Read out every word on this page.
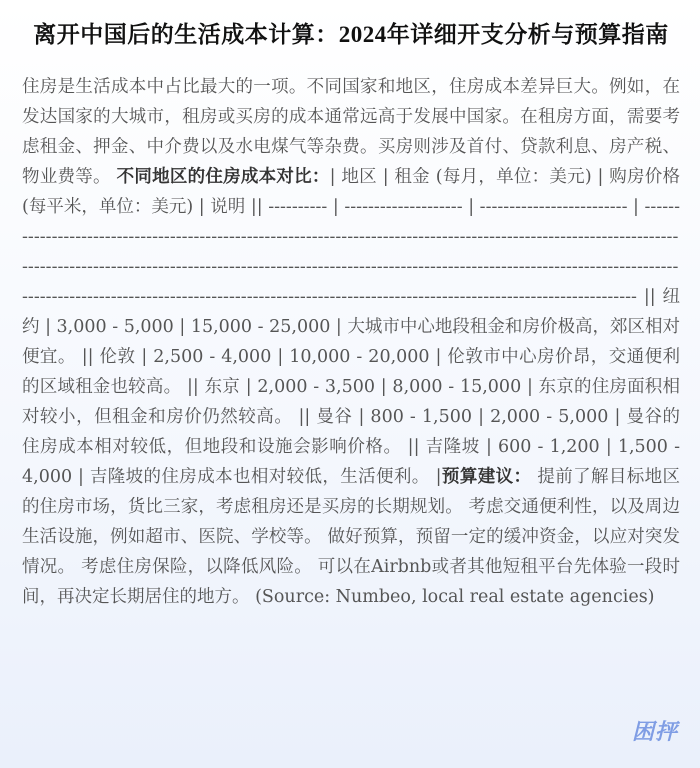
离开中国后的生活成本计算：2024年详细开支分析与预算指南
住房是生活成本中占比最大的一项。不同国家和地区，住房成本差异巨大。例如，在发达国家的大城市，租房或买房的成本通常远高于发展中国家。在租房方面，需要考虑租金、押金、中介费以及水电煤气等杂费。买房则涉及首付、贷款利息、房产税、物业费等。 不同地区的住房成本对比：| 地区 | 租金 (每月，单位：美元) | 购房价格 (每平米，单位：美元) | 说明 || ---------- | -------------------- | ------------------------- | -------------------------------------------------------------------------------------------------------------------------------------------------------------------------------------------------------------------------------------------------------------------------------------------------------------------------------------------- || 纽约 | 3,000 - 5,000 | 15,000 - 25,000 | 大城市中心地段租金和房价极高，郊区相对便宜。 || 伦敦 | 2,500 - 4,000 | 10,000 - 20,000 | 伦敦市中心房价昂，交通便利的区域租金也较高。 || 东京 | 2,000 - 3,500 | 8,000 - 15,000 | 东京的住房面积相对较小，但租金和房价仍然较高。 || 曼谷 | 800 - 1,500 | 2,000 - 5,000 | 曼谷的住房成本相对较低，但地段和设施会影响价格。 || 吉隆坡 | 600 - 1,200 | 1,500 - 4,000 | 吉隆坡的住房成本也相对较低，生活便利。 |预算建议： 提前了解目标地区的住房市场，货比三家，考虑租房还是买房的长期规划。 考虑交通便利性，以及周边生活设施，例如超市、医院、学校等。 做好预算，预留一定的缓冲资金，以应对突发情况。 考虑住房保险，以降低风险。 可以在Airbnb或者其他短租平台先体验一段时间，再决定长期居住的地方。 (Source: Numbeo, local real estate agencies)
困抨
